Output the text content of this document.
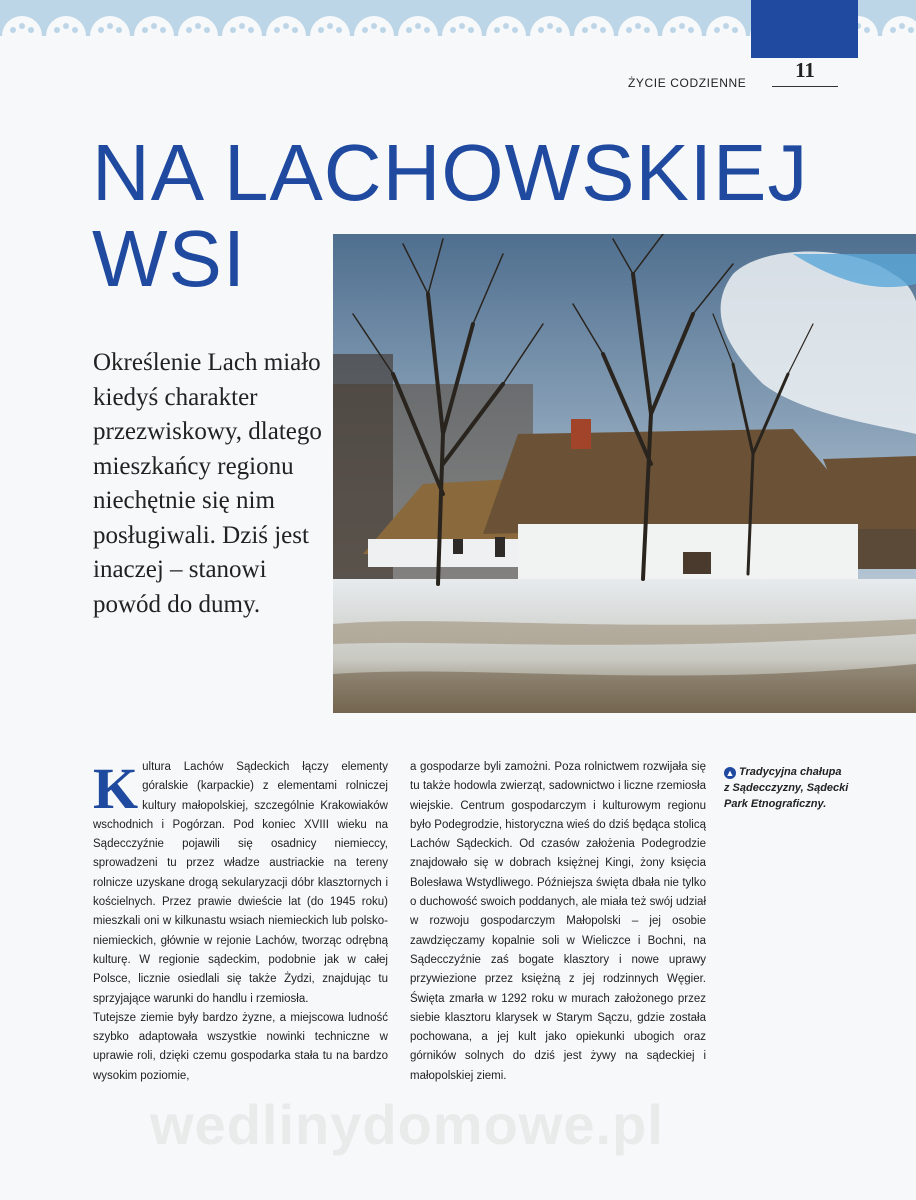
11
ŻYCIE CODZIENNE
NA LACHOWSKIEJ
WSI
Określenie Lach miało kiedyś charakter przezwiskowy, dlatego mieszkańcy regionu niechętnie się nim posługiwali. Dziś jest inaczej – stanowi powód do dumy.
▲ Tradycyjna chałupa
z Sądecczyzny, Sądecki
Park Etnograficzny.

Kultura Lachów Sądeckich łączy elementy góralskie (karpackie) z elementami rolniczej kultury małopolskiej, szczególnie Krakowiaków wschodnich i Pogórzan. Pod koniec XVIII wieku na Sądecczyźnie pojawili się osadnicy niemieccy, sprowadzeni tu przez władze austriackie na tereny rolnicze uzyskane drogą sekularyzacji dóbr klasztornych i kościelnych. Przez prawie dwieście lat (do 1945 roku) mieszkali oni w kilkunastu wsiach niemieckich lub polsko-niemieckich, głównie w rejonie Lachów, tworząc odrębną kulturę. W regionie sądeckim, podobnie jak w całej Polsce, licznie osiedlali się także Żydzi, znajdując tu sprzyjające warunki do handlu i rzemiosła.

Tutejsze ziemie były bardzo żyzne, a miejscowa ludność szybko adaptowała wszystkie nowinki techniczne w uprawie roli, dzięki czemu gospodarka stała tu na bardzo wysokim poziomie,

a gospodarze byli zamożni. Poza rolnictwem rozwijała się tu także hodowla zwierząt, sadownictwo i liczne rzemiosła wiejskie. Centrum gospodarczym i kulturowym regionu było Podegrodzie, historyczna wieś do dziś będąca stolicą Lachów Sądeckich. Od czasów założenia Podegrodzie znajdowało się w dobrach księżnej Kingi, żony księcia Bolesława Wstydliwego. Późniejsza święta dbała nie tylko o duchowość swoich poddanych, ale miała też swój udział w rozwoju gospodarczym Małopolski – jej osobie zawdzięczamy kopalnie soli w Wieliczce i Bochni, na Sądecczyźnie zaś bogate klasztory i nowe uprawy przywiezione przez księżną z jej rodzinnych Węgier. Święta zmarła w 1292 roku w murach założonego przez siebie klasztoru klarysek w Starym Sączu, gdzie została pochowana, a jej kult jako opiekunki ubogich oraz górników solnych do dziś jest żywy na sądeckiej i małopolskiej ziemi.

wedlinydomowe.pl
